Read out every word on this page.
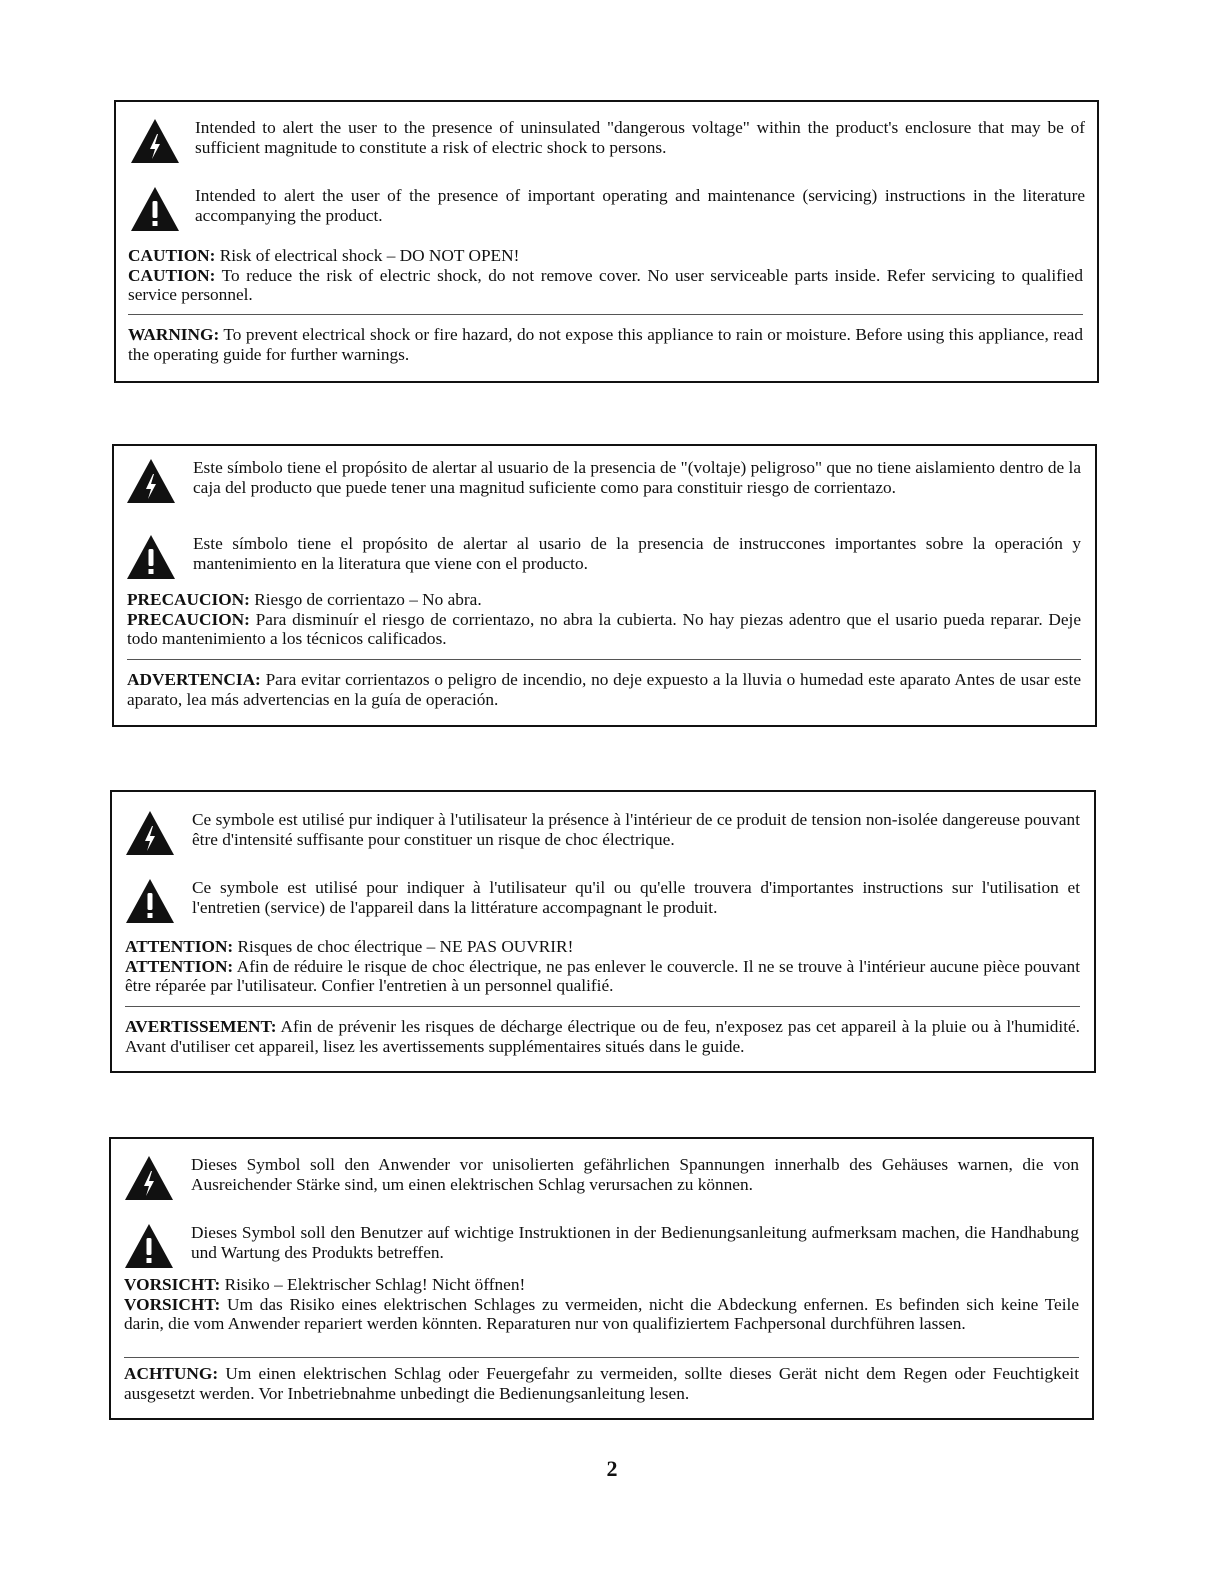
Intended to alert the user to the presence of uninsulated "dangerous voltage" within the product's enclosure that may be of sufficient magnitude to constitute a risk of electric shock to persons.
Intended to alert the user of the presence of important operating and maintenance (servicing) instructions in the literature accompanying the product.

CAUTION: Risk of electrical shock – DO NOT OPEN!

CAUTION: To reduce the risk of electric shock, do not remove cover. No user serviceable parts inside. Refer servicing to qualified service personnel.

WARNING: To prevent electrical shock or fire hazard, do not expose this appliance to rain or moisture. Before using this appliance, read the operating guide for further warnings.

Este símbolo tiene el propósito de alertar al usuario de la presencia de "(voltaje) peligroso" que no tiene aislamiento dentro de la caja del producto que puede tener una magnitud suficiente como para constituir riesgo de corrientazo.
Este símbolo tiene el propósito de alertar al usario de la presencia de instruccones importantes sobre la operación y mantenimiento en la literatura que viene con el producto.

PRECAUCION: Riesgo de corrientazo – No abra.

PRECAUCION: Para disminuír el riesgo de corrientazo, no abra la cubierta. No hay piezas adentro que el usario pueda reparar. Deje todo mantenimiento a los técnicos calificados.

ADVERTENCIA: Para evitar corrientazos o peligro de incendio, no deje expuesto a la lluvia o humedad este aparato Antes de usar este aparato, lea más advertencias en la guía de operación.

Ce symbole est utilisé pur indiquer à l'utilisateur la présence à l'intérieur de ce produit de tension non-isolée dangereuse pouvant être d'intensité suffisante pour constituer un risque de choc électrique.
Ce symbole est utilisé pour indiquer à l'utilisateur qu'il ou qu'elle trouvera d'importantes instructions sur l'utilisation et l'entretien (service) de l'appareil dans la littérature accompagnant le produit.

ATTENTION: Risques de choc électrique – NE PAS OUVRIR!

ATTENTION: Afin de réduire le risque de choc électrique, ne pas enlever le couvercle. Il ne se trouve à l'intérieur aucune pièce pouvant être réparée par l'utilisateur. Confier l'entretien à un personnel qualifié.

AVERTISSEMENT: Afin de prévenir les risques de décharge électrique ou de feu, n'exposez pas cet appareil à la pluie ou à l'humidité. Avant d'utiliser cet appareil, lisez les avertissements supplémentaires situés dans le guide.

Dieses Symbol soll den Anwender vor unisolierten gefährlichen Spannungen innerhalb des Gehäuses warnen, die von Ausreichender Stärke sind, um einen elektrischen Schlag verursachen zu können.
Dieses Symbol soll den Benutzer auf wichtige Instruktionen in der Bedienungsanleitung aufmerksam machen, die Handhabung und Wartung des Produkts betreffen.

VORSICHT: Risiko – Elektrischer Schlag! Nicht öffnen!

VORSICHT: Um das Risiko eines elektrischen Schlages zu vermeiden, nicht die Abdeckung enfernen. Es befinden sich keine Teile darin, die vom Anwender repariert werden könnten. Reparaturen nur von qualifiziertem Fachpersonal durchführen lassen.

ACHTUNG: Um einen elektrischen Schlag oder Feuergefahr zu vermeiden, sollte dieses Gerät nicht dem Regen oder Feuchtigkeit ausgesetzt werden. Vor Inbetriebnahme unbedingt die Bedienungsanleitung lesen.

2
